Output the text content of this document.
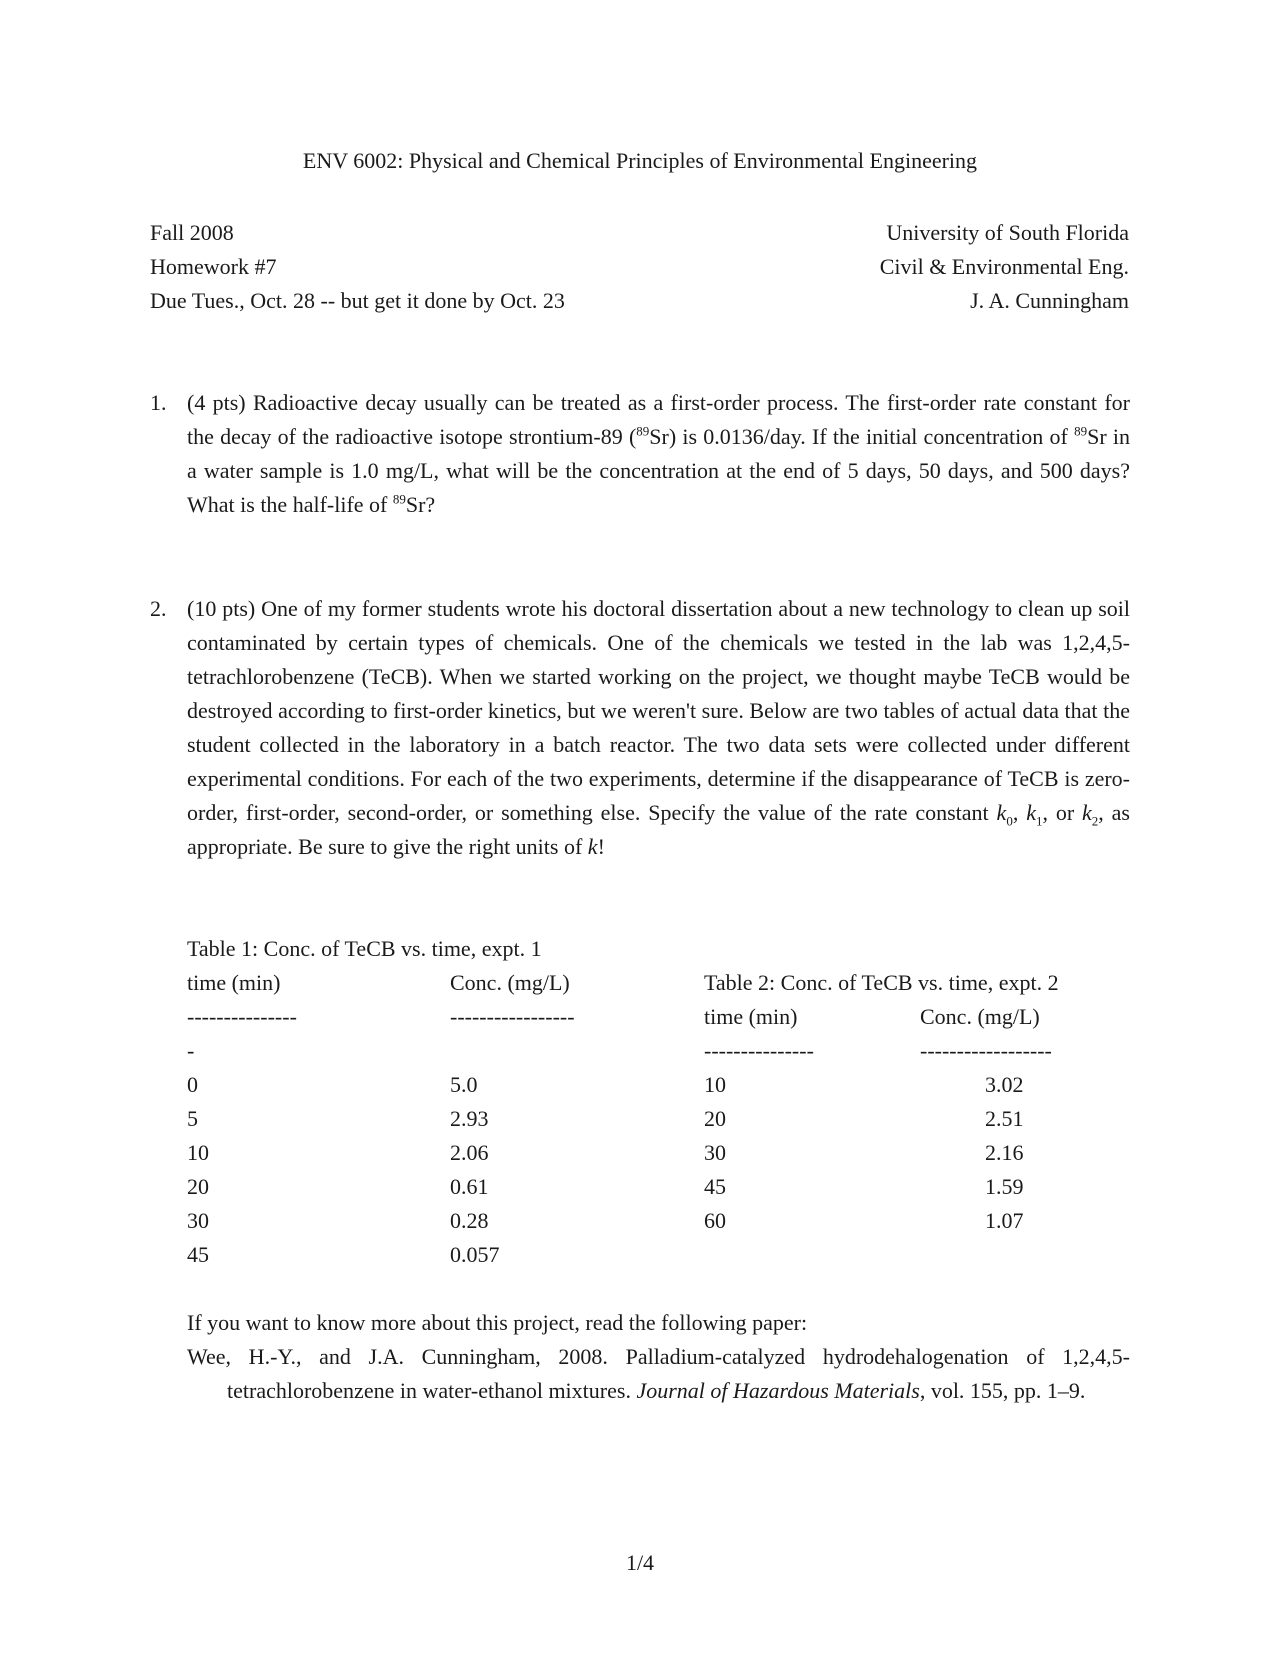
ENV 6002: Physical and Chemical Principles of Environmental Engineering
Fall 2008
Homework #7
Due Tues., Oct. 28 -- but get it done by Oct. 23
University of South Florida
Civil & Environmental Eng.
J. A. Cunningham
1. (4 pts) Radioactive decay usually can be treated as a first-order process. The first-order rate constant for the decay of the radioactive isotope strontium-89 ($^{89}$Sr) is 0.0136/day. If the initial concentration of $^{89}$Sr in a water sample is 1.0 mg/L, what will be the concentration at the end of 5 days, 50 days, and 500 days? What is the half-life of $^{89}$Sr?
2. (10 pts) One of my former students wrote his doctoral dissertation about a new technology to clean up soil contaminated by certain types of chemicals. One of the chemicals we tested in the lab was 1,2,4,5-tetrachlorobenzene (TeCB). When we started working on the project, we thought maybe TeCB would be destroyed according to first-order kinetics, but we weren't sure. Below are two tables of actual data that the student collected in the laboratory in a batch reactor. The two data sets were collected under different experimental conditions. For each of the two experiments, determine if the disappearance of TeCB is zero-order, first-order, second-order, or something else. Specify the value of the rate constant $k_0$, $k_1$, or $k_2$, as appropriate. Be sure to give the right units of k!
Table 1: Conc. of TeCB vs. time, expt. 1
time (min)	Conc. (mg/L)
---------------	-----------------
-
0	5.0
5	2.93
10	2.06
20	0.61
30	0.28
45	0.057
Table 2: Conc. of TeCB vs. time, expt. 2
time (min)	Conc. (mg/L)
---------------	------------------
10	3.02
20	2.51
30	2.16
45	1.59
60	1.07
If you want to know more about this project, read the following paper:
Wee, H.-Y., and J.A. Cunningham, 2008. Palladium-catalyzed hydrodehalogenation of 1,2,4,5-tetrachlorobenzene in water-ethanol mixtures. Journal of Hazardous Materials, vol. 155, pp. 1–9.
1/4
